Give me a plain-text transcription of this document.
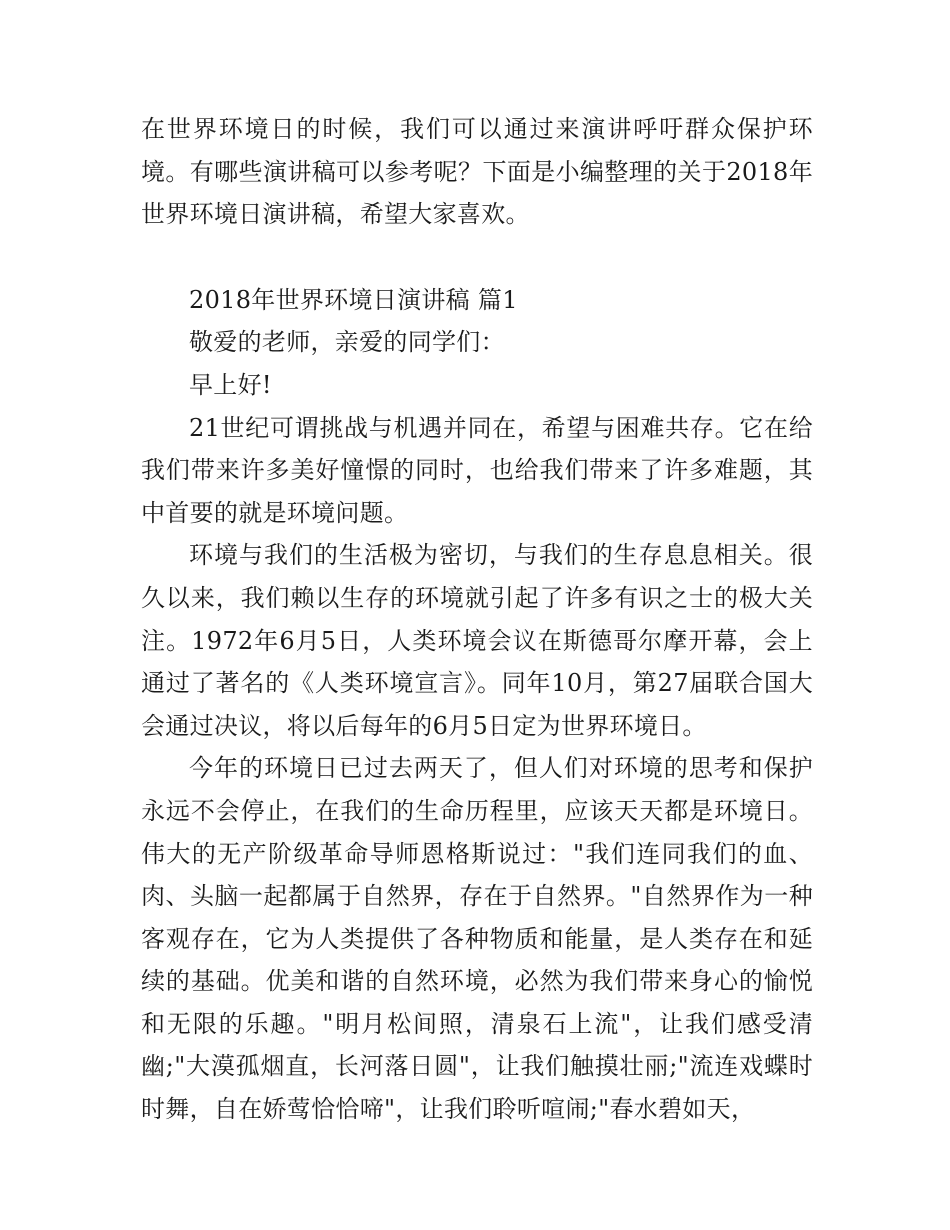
在世界环境日的时候，我们可以通过来演讲呼吁群众保护环境。有哪些演讲稿可以参考呢？下面是小编整理的关于2018年世界环境日演讲稿，希望大家喜欢。

2018年世界环境日演讲稿 篇1

敬爱的老师，亲爱的同学们：

早上好!

21世纪可谓挑战与机遇并同在，希望与困难共存。它在给我们带来许多美好憧憬的同时，也给我们带来了许多难题，其中首要的就是环境问题。

环境与我们的生活极为密切，与我们的生存息息相关。很久以来，我们赖以生存的环境就引起了许多有识之士的极大关注。1972年6月5日，人类环境会议在斯德哥尔摩开幕，会上通过了著名的《人类环境宣言》。同年10月，第27届联合国大会通过决议，将以后每年的6月5日定为世界环境日。

今年的环境日已过去两天了，但人们对环境的思考和保护永远不会停止，在我们的生命历程里，应该天天都是环境日。伟大的无产阶级革命导师恩格斯说过："我们连同我们的血、肉、头脑一起都属于自然界，存在于自然界。"自然界作为一种客观存在，它为人类提供了各种物质和能量，是人类存在和延续的基础。优美和谐的自然环境，必然为我们带来身心的愉悦和无限的乐趣。"明月松间照，清泉石上流"，让我们感受清幽;"大漠孤烟直，长河落日圆"，让我们触摸壮丽;"流连戏蝶时时舞，自在娇莺恰恰啼"，让我们聆听喧闹;"春水碧如天，
